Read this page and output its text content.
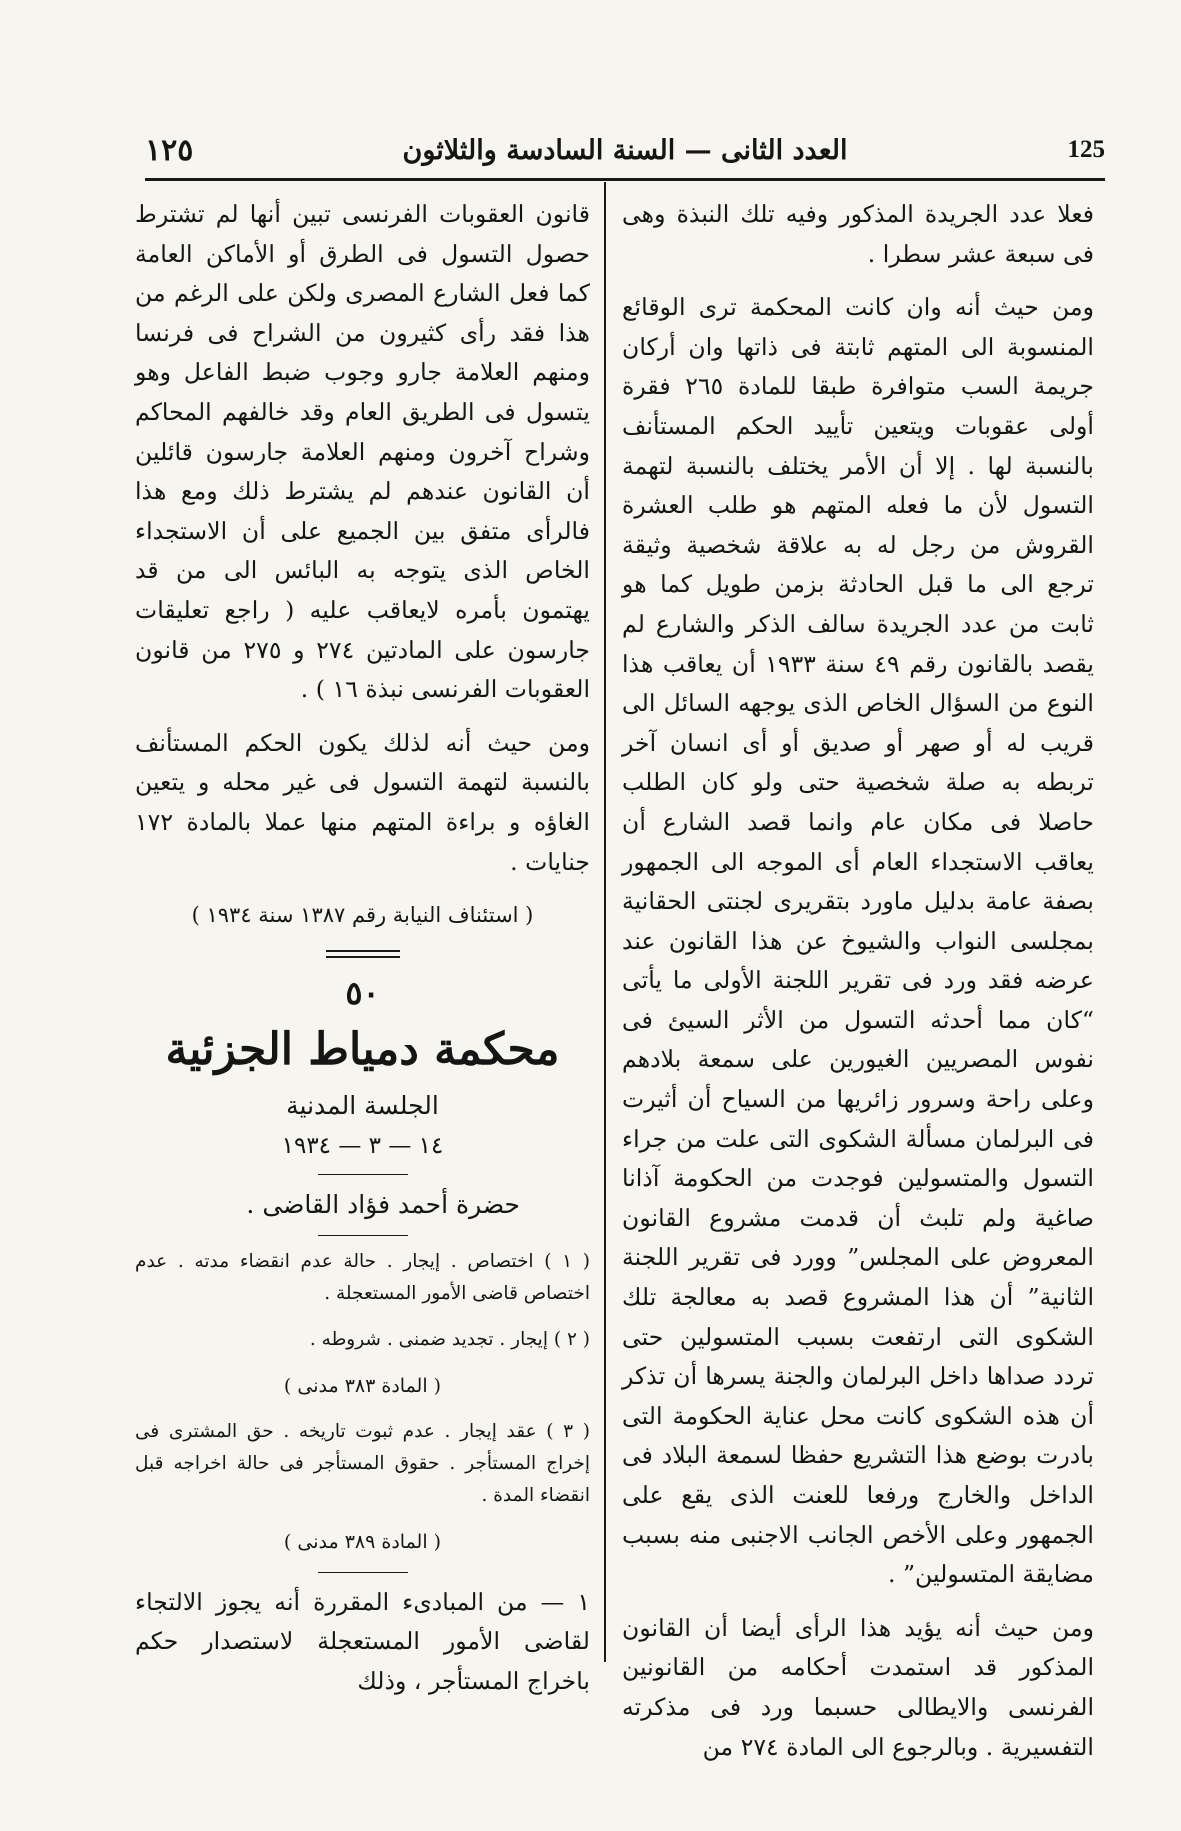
١٢٥	العدد الثانى — السنة السادسة والثلاثون	125

فعلا عدد الجريدة المذكور وفيه تلك النبذة وهى فى سبعة عشر سطرا .

ومن حيث أنه وان كانت المحكمة ترى الوقائع المنسوبة الى المتهم ثابتة فى ذاتها وان أركان جريمة السب متوافرة طبقا للمادة ٢٦٥ فقرة أولى عقوبات ويتعين تأييد الحكم المستأنف بالنسبة لها . إلا أن الأمر يختلف بالنسبة لتهمة التسول لأن ما فعله المتهم هو طلب العشرة القروش من رجل له به علاقة شخصية وثيقة ترجع الى ما قبل الحادثة بزمن طويل كما هو ثابت من عدد الجريدة سالف الذكر والشارع لم يقصد بالقانون رقم ٤٩ سنة ١٩٣٣ أن يعاقب هذا النوع من السؤال الخاص الذى يوجهه السائل الى قريب له أو صهر أو صديق أو أى انسان آخر تربطه به صلة شخصية حتى ولو كان الطلب حاصلا فى مكان عام وانما قصد الشارع أن يعاقب الاستجداء العام أى الموجه الى الجمهور بصفة عامة بدليل ماورد بتقريرى لجنتى الحقانية بمجلسى النواب والشيوخ عن هذا القانون عند عرضه فقد ورد فى تقرير اللجنة الأولى ما يأتى “كان مما أحدثه التسول من الأثر السيئ فى نفوس المصريين الغيورين على سمعة بلادهم وعلى راحة وسرور زائريها من السياح أن أثيرت فى البرلمان مسألة الشكوى التى علت من جراء التسول والمتسولين فوجدت من الحكومة آذانا صاغية ولم تلبث أن قدمت مشروع القانون المعروض على المجلس” وورد فى تقرير اللجنة الثانية” أن هذا المشروع قصد به معالجة تلك الشكوى التى ارتفعت بسبب المتسولين حتى تردد صداها داخل البرلمان والجنة يسرها أن تذكر أن هذه الشكوى كانت محل عناية الحكومة التى بادرت بوضع هذا التشريع حفظا لسمعة البلاد فى الداخل والخارج ورفعا للعنت الذى يقع على الجمهور وعلى الأخص الجانب الاجنبى منه بسبب مضايقة المتسولين” .

ومن حيث أنه يؤيد هذا الرأى أيضا أن القانون المذكور قد استمدت أحكامه من القانونين الفرنسى والايطالى حسبما ورد فى مذكرته التفسيرية . وبالرجوع الى المادة ٢٧٤ من

قانون العقوبات الفرنسى تبين أنها لم تشترط حصول التسول فى الطرق أو الأماكن العامة كما فعل الشارع المصرى ولكن على الرغم من هذا فقد رأى كثيرون من الشراح فى فرنسا ومنهم العلامة جارو وجوب ضبط الفاعل وهو يتسول فى الطريق العام وقد خالفهم المحاكم وشراح آخرون ومنهم العلامة جارسون قائلين أن القانون عندهم لم يشترط ذلك ومع هذا فالرأى متفق بين الجميع على أن الاستجداء الخاص الذى يتوجه به البائس الى من قد يهتمون بأمره لايعاقب عليه ( راجع تعليقات جارسون على المادتين ٢٧٤ و ٢٧٥ من قانون العقوبات الفرنسى نبذة ١٦ ) .

ومن حيث أنه لذلك يكون الحكم المستأنف بالنسبة لتهمة التسول فى غير محله و يتعين الغاؤه و براءة المتهم منها عملا بالمادة ١٧٢ جنايات .

( استئناف النيابة رقم ١٣٨٧ سنة ١٩٣٤ )
٥٠
محكمة دمياط الجزئية
الجلسة المدنية
١٤ — ٣ — ١٩٣٤
حضرة أحمد فؤاد القاضى .

( ١ ) اختصاص . إيجار . حالة عدم انقضاء مدته . عدم اختصاص قاضى الأمور المستعجلة .

( ٢ ) إيجار . تجديد ضمنى . شروطه .

( المادة ٣٨٣ مدنى )

( ٣ ) عقد إيجار . عدم ثبوت تاريخه . حق المشترى فى إخراج المستأجر . حقوق المستأجر فى حالة اخراجه قبل انقضاء المدة .

( المادة ٣٨٩ مدنى )

١ — من المبادىء المقررة أنه يجوز الالتجاء لقاضى الأمور المستعجلة لاستصدار حكم باخراج المستأجر ، وذلك
